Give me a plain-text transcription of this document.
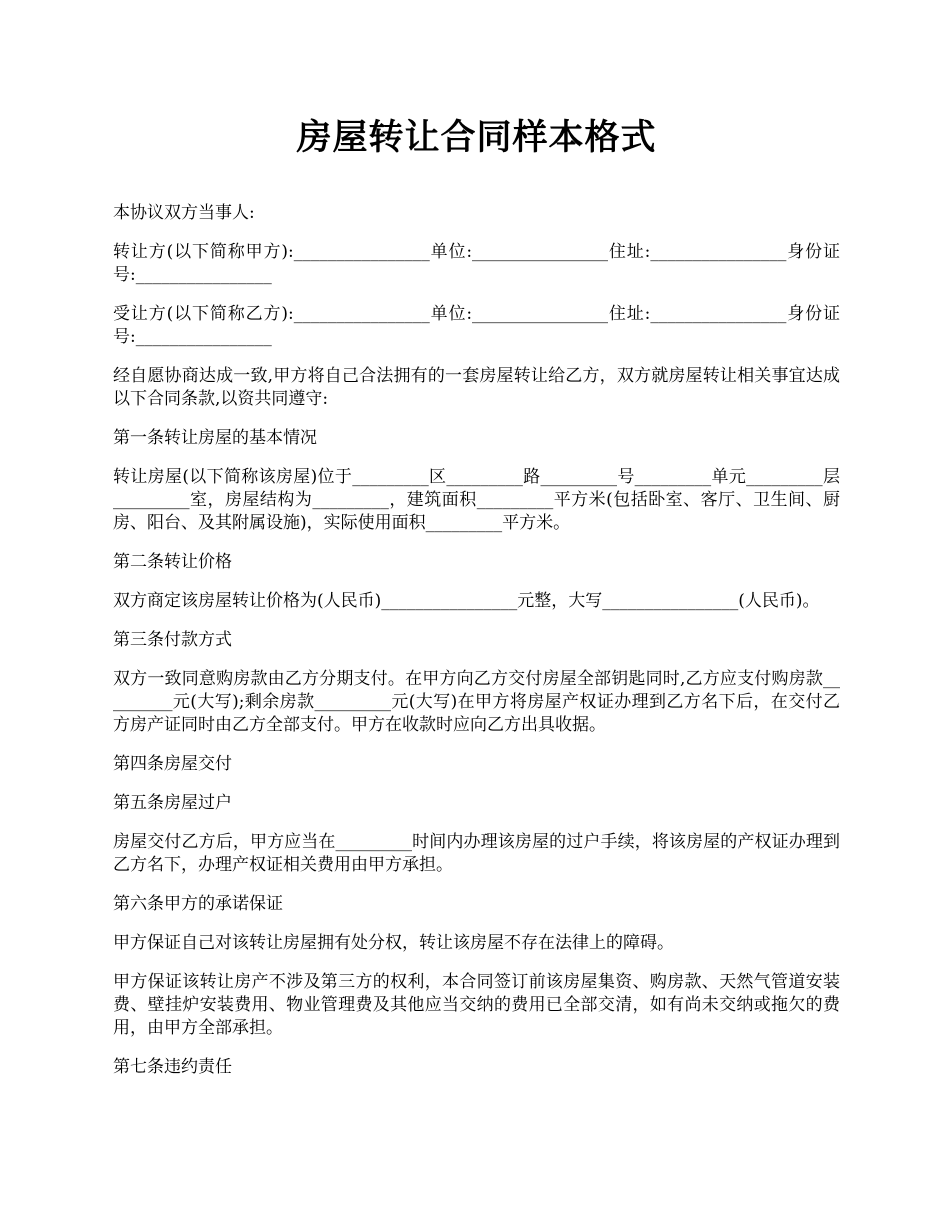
房屋转让合同样本格式

本协议双方当事人:

转让方(以下简称甲方):________________单位:________________住址:________________身份证号:________________

受让方(以下简称乙方):________________单位:________________住址:________________身份证号:________________

经自愿协商达成一致,甲方将自己合法拥有的一套房屋转让给乙方，双方就房屋转让相关事宜达成以下合同条款,以资共同遵守:

第一条转让房屋的基本情况

转让房屋(以下简称该房屋)位于_________区_________路_________号_________单元_________层_________室，房屋结构为_________，建筑面积_________平方米(包括卧室、客厅、卫生间、厨房、阳台、及其附属设施)，实际使用面积_________平方米。

第二条转让价格

双方商定该房屋转让价格为(人民币)________________元整，大写________________(人民币)。

第三条付款方式

双方一致同意购房款由乙方分期支付。在甲方向乙方交付房屋全部钥匙同时,乙方应支付购房款_________元(大写);剩余房款_________元(大写)在甲方将房屋产权证办理到乙方名下后，在交付乙方房产证同时由乙方全部支付。甲方在收款时应向乙方出具收据。

第四条房屋交付

第五条房屋过户

房屋交付乙方后，甲方应当在_________时间内办理该房屋的过户手续，将该房屋的产权证办理到乙方名下，办理产权证相关费用由甲方承担。

第六条甲方的承诺保证

甲方保证自己对该转让房屋拥有处分权，转让该房屋不存在法律上的障碍。

甲方保证该转让房产不涉及第三方的权利，本合同签订前该房屋集资、购房款、天然气管道安装费、壁挂炉安装费用、物业管理费及其他应当交纳的费用已全部交清，如有尚未交纳或拖欠的费用，由甲方全部承担。

第七条违约责任
